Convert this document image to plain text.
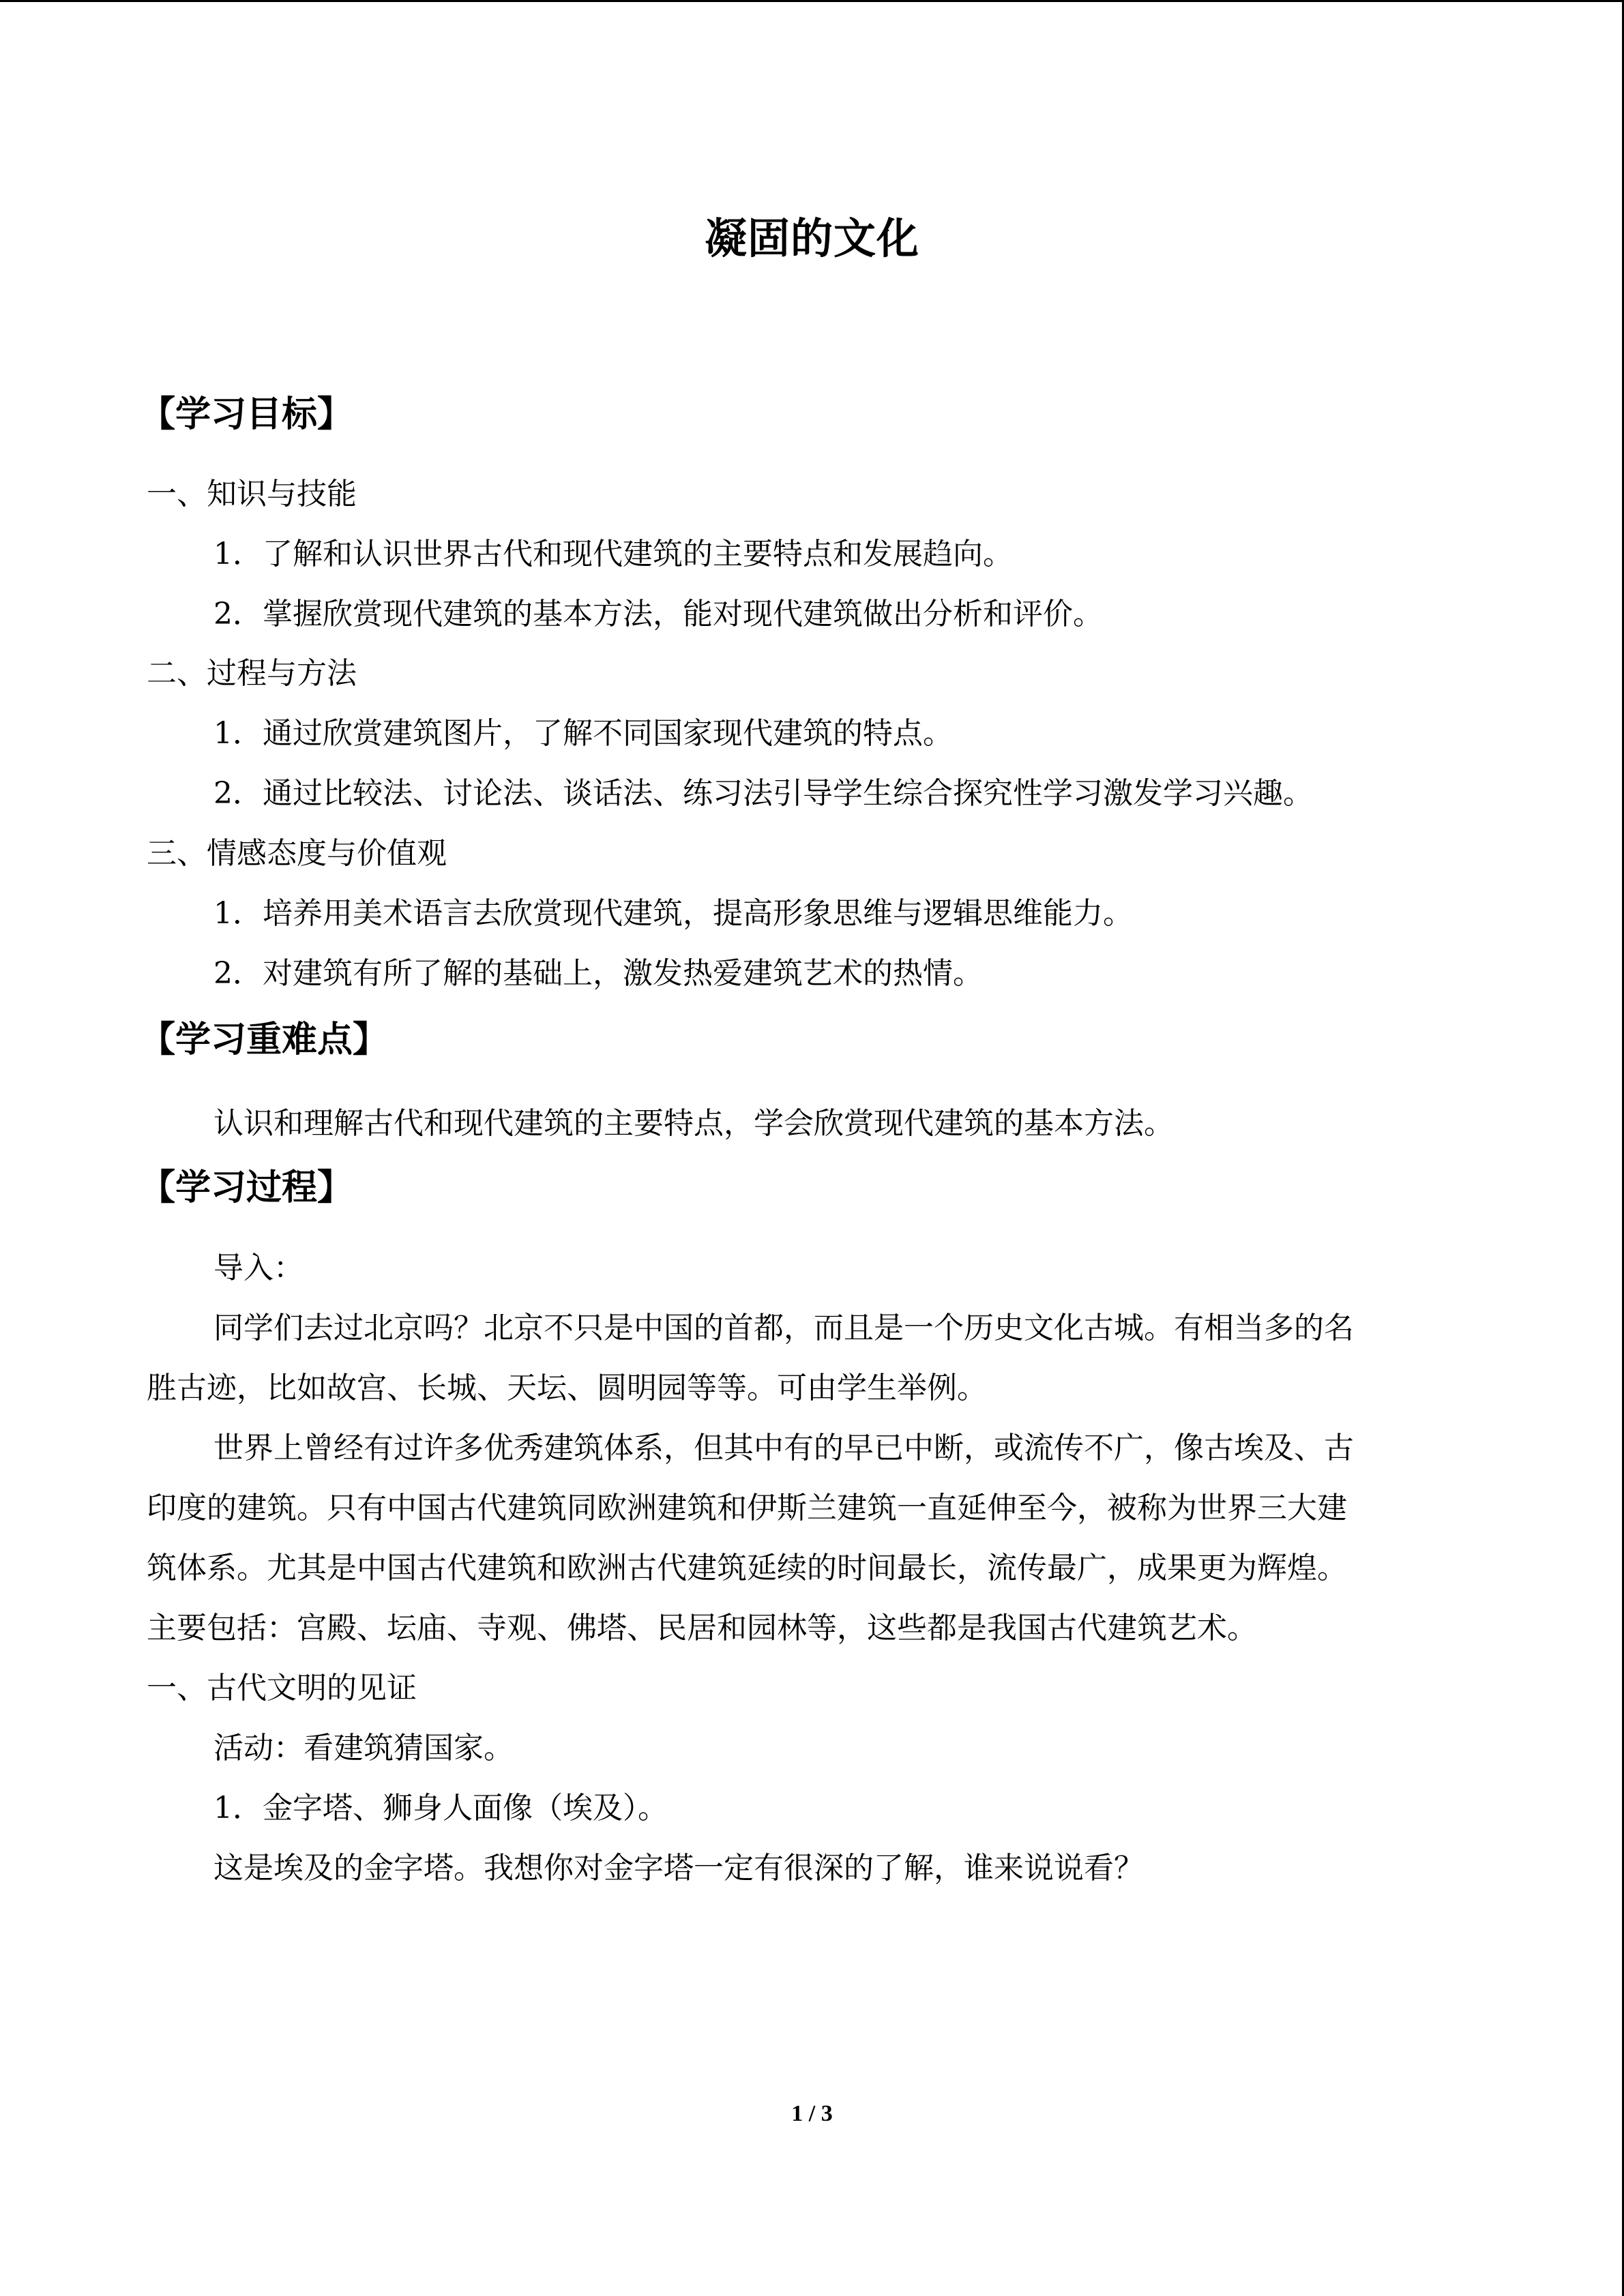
凝固的文化
【学习目标】
一、知识与技能
1．了解和认识世界古代和现代建筑的主要特点和发展趋向。
2．掌握欣赏现代建筑的基本方法，能对现代建筑做出分析和评价。
二、过程与方法
1．通过欣赏建筑图片，了解不同国家现代建筑的特点。
2．通过比较法、讨论法、谈话法、练习法引导学生综合探究性学习激发学习兴趣。
三、情感态度与价值观
1．培养用美术语言去欣赏现代建筑，提高形象思维与逻辑思维能力。
2．对建筑有所了解的基础上，激发热爱建筑艺术的热情。
【学习重难点】
认识和理解古代和现代建筑的主要特点，学会欣赏现代建筑的基本方法。
【学习过程】
导入：
同学们去过北京吗？北京不只是中国的首都，而且是一个历史文化古城。有相当多的名
胜古迹，比如故宫、长城、天坛、圆明园等等。可由学生举例。
世界上曾经有过许多优秀建筑体系，但其中有的早已中断，或流传不广，像古埃及、古
印度的建筑。只有中国古代建筑同欧洲建筑和伊斯兰建筑一直延伸至今，被称为世界三大建
筑体系。尤其是中国古代建筑和欧洲古代建筑延续的时间最长，流传最广，成果更为辉煌。
主要包括：宫殿、坛庙、寺观、佛塔、民居和园林等，这些都是我国古代建筑艺术。
一、古代文明的见证
活动：看建筑猜国家。
1．金字塔、狮身人面像（埃及）。
这是埃及的金字塔。我想你对金字塔一定有很深的了解，谁来说说看？
1 / 3
